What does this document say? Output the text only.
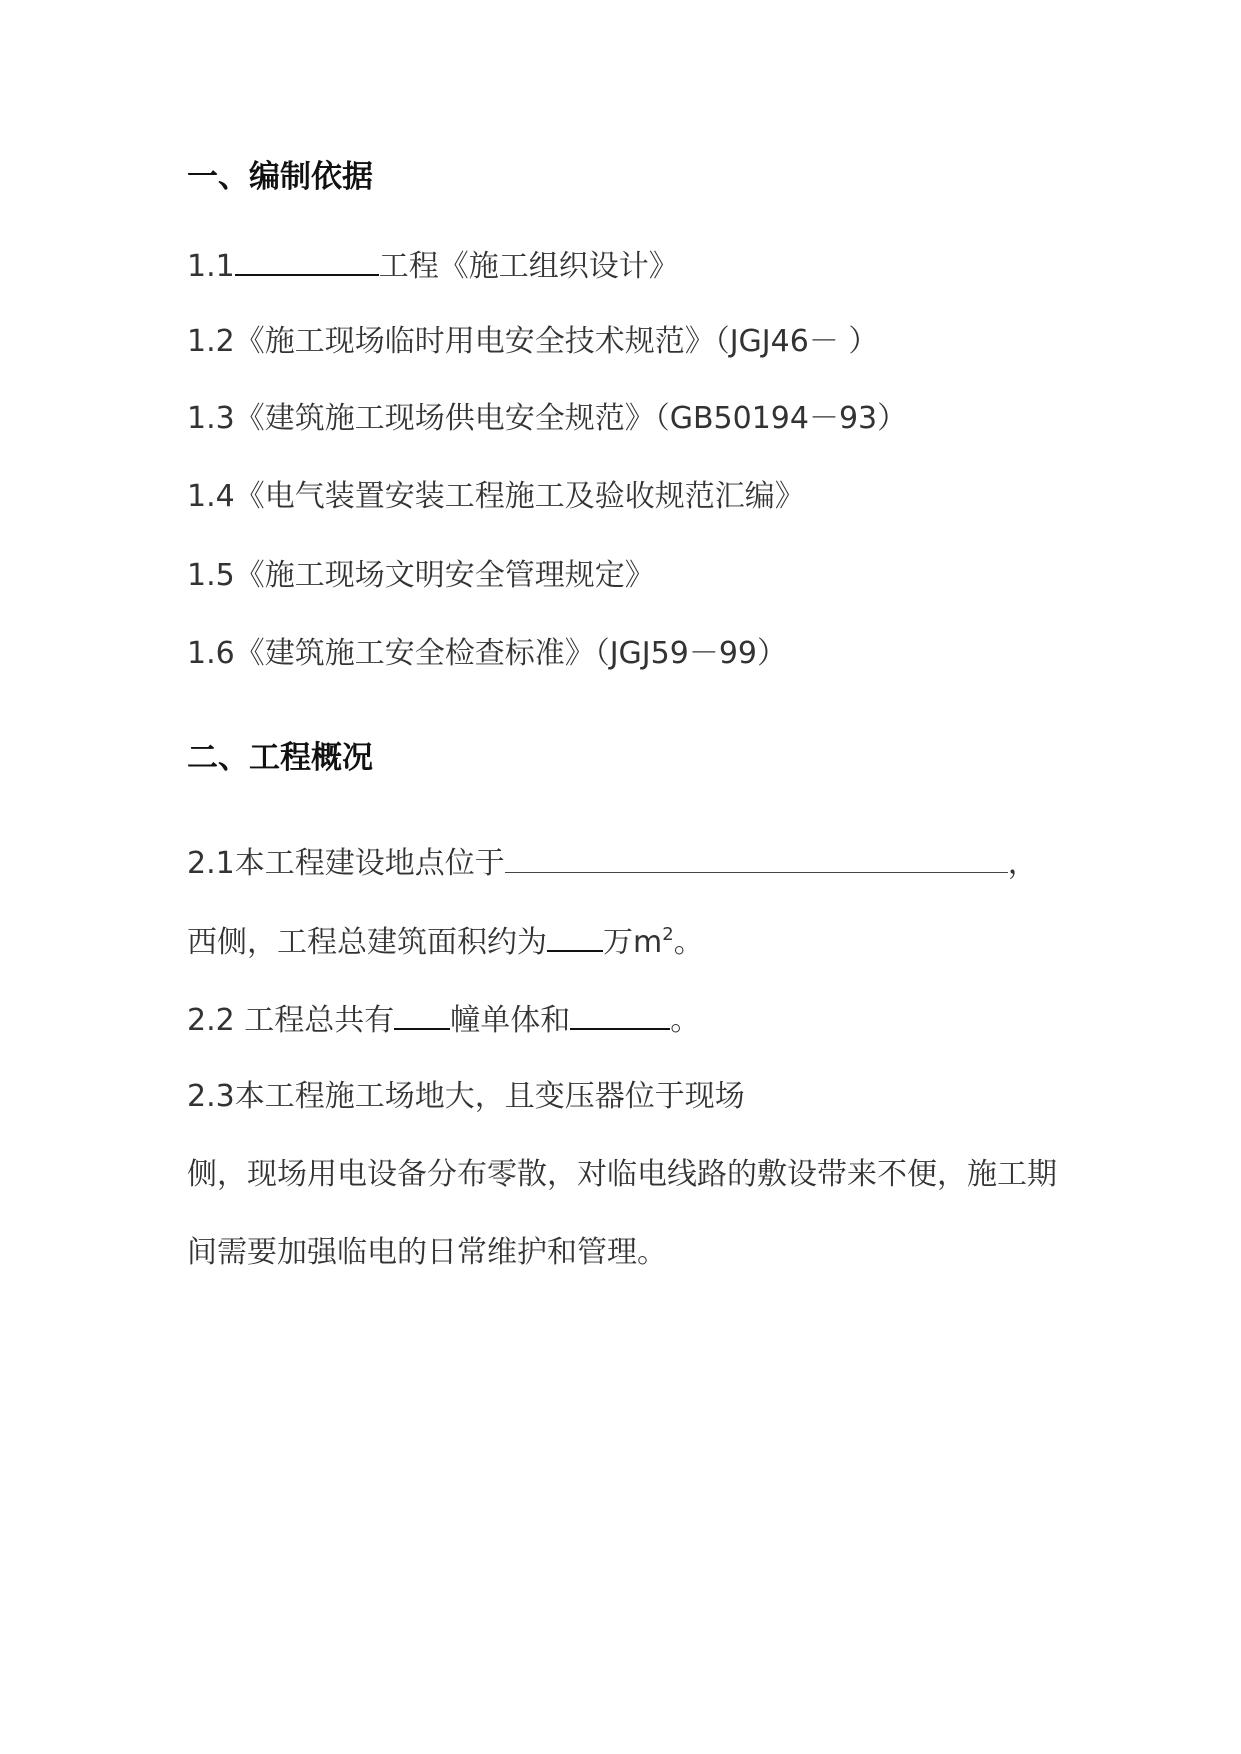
一、编制依据
1.1	工程《施工组织设计》
1.2《施工现场临时用电安全技术规范》（JGJ46－ ）
1.3《建筑施工现场供电安全规范》（GB50194－93）
1.4《电气装置安装工程施工及验收规范汇编》
1.5《施工现场文明安全管理规定》
1.6《建筑施工安全检查标准》（JGJ59－99）
二、工程概况
2.1本工程建设地点位于	，
西侧，工程总建筑面积约为 万$m^2$。
2.2 工程总共有 幢单体和	。
2.3本工程施工场地大，且变压器位于现场
侧，现场用电设备分布零散，对临电线路的敷设带来不便，施工期
间需要加强临电的日常维护和管理。
